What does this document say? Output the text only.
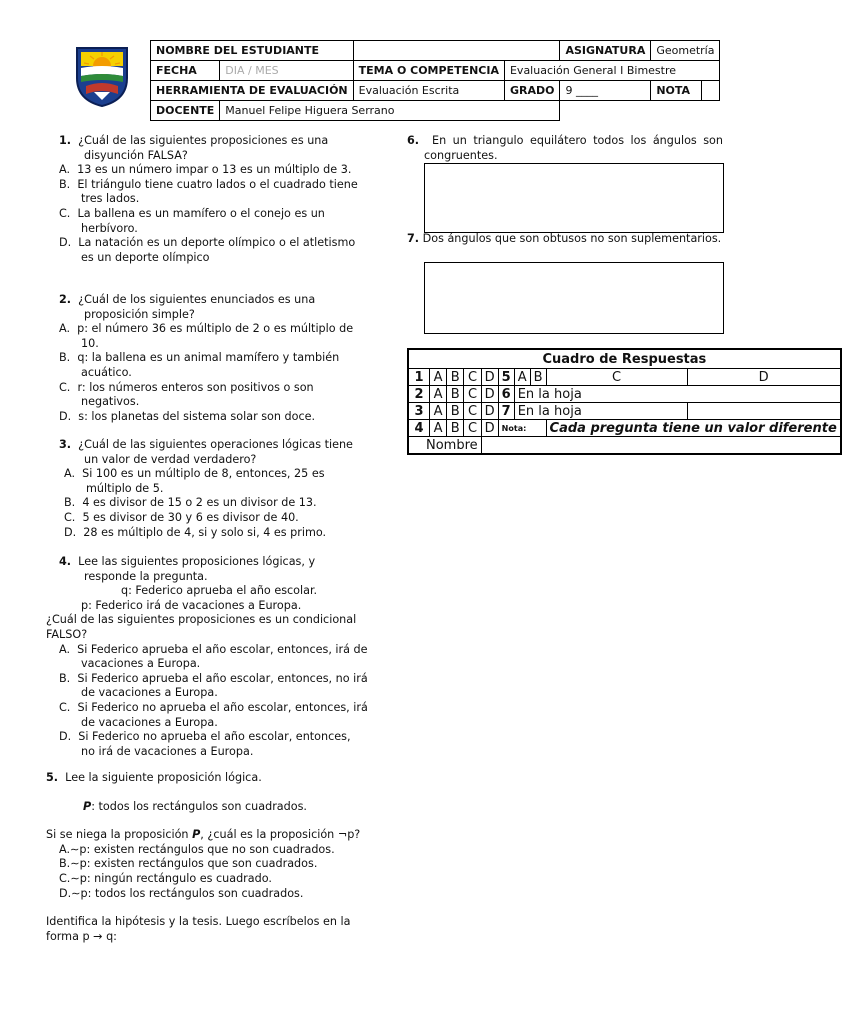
NOMBRE DEL ESTUDIANTE				ASIGNATURA	Geometría	
FECHA	DIA / MES	TEMA O COMPETENCIA	Evaluación General I Bimestre			
HERRAMIENTA DE EVALUACIÓN		Evaluación Escrita	GRADO	9 ____	NOTA	
DOCENTE	Manuel Felipe Higuera Serrano					

1. ¿Cuál de las siguientes proposiciones es una disyunción FALSA?

A.  13 es un número impar o 13 es un múltiplo de 3.

B.  El triángulo tiene cuatro lados o el cuadrado tiene tres lados.

C.  La ballena es un mamífero o el conejo es un herbívoro.

D.  La natación es un deporte olímpico o el atletismo es un deporte olímpico

2. ¿Cuál de los siguientes enunciados es una proposición simple?

A.  p: el número 36 es múltiplo de 2 o es múltiplo de 10.

B.  q: la ballena es un animal mamífero y también acuático.

C.  r: los números enteros son positivos o son negativos.

D.  s: los planetas del sistema solar son doce.

3. ¿Cuál de las siguientes operaciones lógicas tiene un valor de verdad verdadero?

A.  Si 100 es un múltiplo de 8, entonces, 25 es múltiplo de 5.

B.  4 es divisor de 15 o 2 es un divisor de 13.

C.  5 es divisor de 30 y 6 es divisor de 40.

D.  28 es múltiplo de 4, si y solo si, 4 es primo.

4. Lee las siguientes proposiciones lógicas, y responde la pregunta.

q: Federico aprueba el año escolar.

p: Federico irá de vacaciones a Europa.

¿Cuál de las siguientes proposiciones es un condicional FALSO?

A.  Si Federico aprueba el año escolar, entonces, irá de vacaciones a Europa.

B.  Si Federico aprueba el año escolar, entonces, no irá de vacaciones a Europa.

C.  Si Federico no aprueba el año escolar, entonces, irá de vacaciones a Europa.

D.  Si Federico no aprueba el año escolar, entonces, no irá de vacaciones a Europa.

5. Lee la siguiente proposición lógica.

P: todos los rectángulos son cuadrados.

Si se niega la proposición P, ¿cuál es la proposición ¬p?

A.∼p: existen rectángulos que no son cuadrados.

B.∼p: existen rectángulos que son cuadrados.

C.∼p: ningún rectángulo es cuadrado.

D.∼p: todos los rectángulos son cuadrados.

Identifica la hipótesis y la tesis. Luego escríbelos en la forma p → q:

6. En un triangulo equilátero todos los ángulos son congruentes.

7. Dos ángulos que son obtusos no son suplementarios.

Cuadro de Respuestas									
1	A	B	C	D	5	A	B	C	D
2	A	B	C	D	6	En la hoja			
3	A	B	C	D	7	En la hoja			
4	A	B	C	D	Nota:			Cada pregunta tiene un valor diferente	
Nombre									
